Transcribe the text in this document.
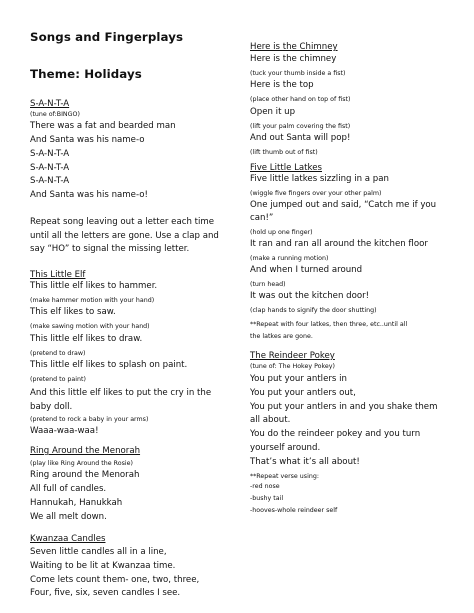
Songs and Fingerplays
Theme: Holidays
S-A-N-T-A
(tune of:BINGO)
There was a fat and bearded man
And Santa was his name-o
S-A-N-T-A
S-A-N-T-A
S-A-N-T-A
And Santa was his name-o!
Repeat song leaving out a letter each time
until all the letters are gone. Use a clap and
say “HO” to signal the missing letter.
This Little Elf
This little elf likes to hammer.
(make hammer motion with your hand)
This elf likes to saw.
(make sawing motion with your hand)
This little elf likes to draw.
(pretend to draw)
This little elf likes to splash on paint.
(pretend to paint)
And this little elf likes to put the cry in the
baby doll.
(pretend to rock a baby in your arms)
Waaa-waa-waa!
Ring Around the Menorah
(play like Ring Around the Rosie)
Ring around the Menorah
All full of candles.
Hannukah, Hanukkah
We all melt down.
Kwanzaa Candles
Seven little candles all in a line,
Waiting to be lit at Kwanzaa time.
Come lets count them- one, two, three,
Four, five, six, seven candles I see.
Here is the Chimney
Here is the chimney
(tuck your thumb inside a fist)
Here is the top
(place other hand on top of fist)
Open it up
(lift your palm covering the fist)
And out Santa will pop!
(lift thumb out of fist)
Five Little Latkes
Five little latkes sizzling in a pan
(wiggle five fingers over your other palm)
One jumped out and said, “Catch me if you
can!”
(hold up one finger)
It ran and ran all around the kitchen floor
(make a running motion)
And when I turned around
(turn head)
It was out the kitchen door!
(clap hands to signify the door shutting)
**Repeat with four latkes, then three, etc..until all
the latkes are gone.
The Reindeer Pokey
(tune of: The Hokey Pokey)
You put your antlers in
You put your antlers out,
You put your antlers in and you shake them
all about.
You do the reindeer pokey and you turn
yourself around.
That’s what it’s all about!
**Repeat verse using:
-red nose
-bushy tail
-hooves-whole reindeer self
